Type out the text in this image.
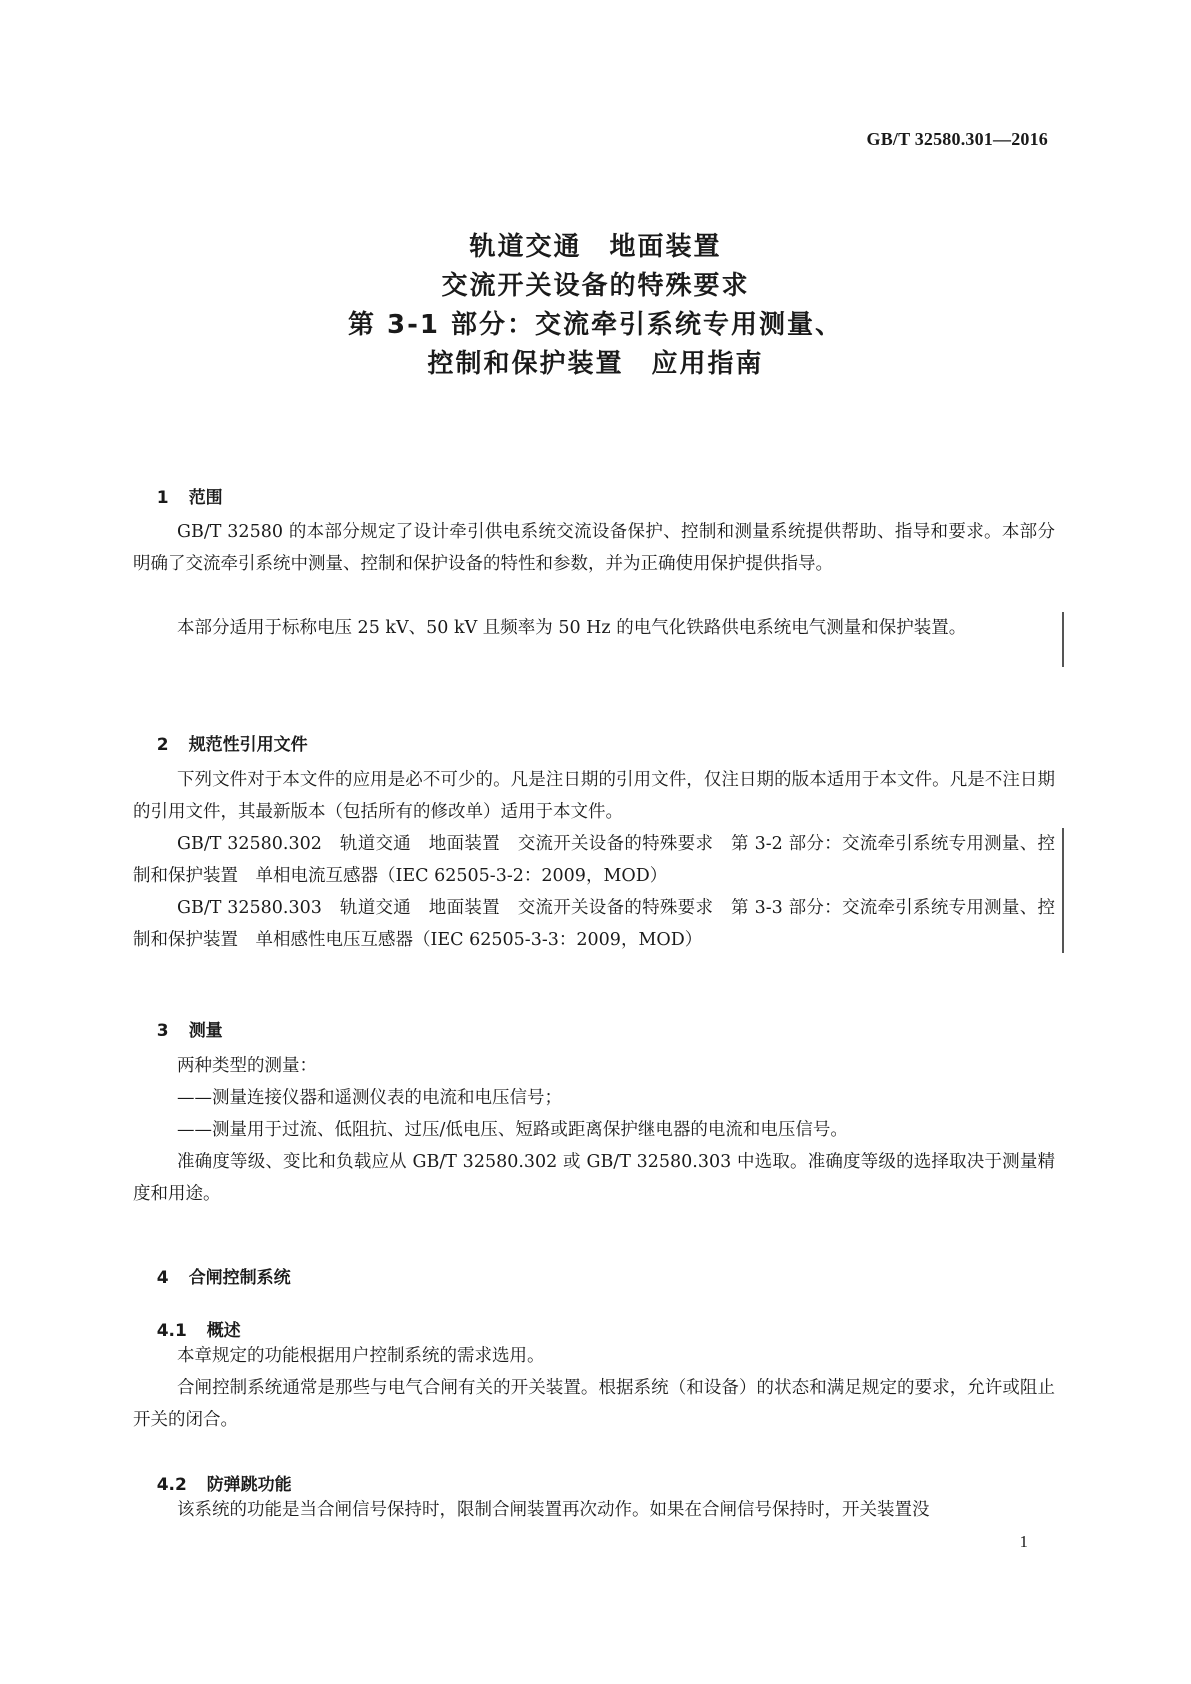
GB/T 32580.301—2016
轨道交通　地面装置
交流开关设备的特殊要求
第 3-1 部分：交流牵引系统专用测量、
控制和保护装置　应用指南

1 范围

GB/T 32580 的本部分规定了设计牵引供电系统交流设备保护、控制和测量系统提供帮助、指导和要求。本部分明确了交流牵引系统中测量、控制和保护设备的特性和参数，并为正确使用保护提供指导。
本部分适用于标称电压 25 kV、50 kV 且频率为 50 Hz 的电气化铁路供电系统电气测量和保护装置。

2 规范性引用文件

下列文件对于本文件的应用是必不可少的。凡是注日期的引用文件，仅注日期的版本适用于本文件。凡是不注日期的引用文件，其最新版本（包括所有的修改单）适用于本文件。
GB/T 32580.302　轨道交通　地面装置　交流开关设备的特殊要求　第 3-2 部分：交流牵引系统专用测量、控制和保护装置　单相电流互感器（IEC 62505-3-2：2009，MOD）
GB/T 32580.303　轨道交通　地面装置　交流开关设备的特殊要求　第 3-3 部分：交流牵引系统专用测量、控制和保护装置　单相感性电压互感器（IEC 62505-3-3：2009，MOD）

3 测量

两种类型的测量：
——测量连接仪器和遥测仪表的电流和电压信号；
——测量用于过流、低阻抗、过压/低电压、短路或距离保护继电器的电流和电压信号。
准确度等级、变比和负载应从 GB/T 32580.302 或 GB/T 32580.303 中选取。准确度等级的选择取决于测量精度和用途。

4 合闸控制系统

4.1 概述

本章规定的功能根据用户控制系统的需求选用。
合闸控制系统通常是那些与电气合闸有关的开关装置。根据系统（和设备）的状态和满足规定的要求，允许或阻止开关的闭合。

4.2 防弹跳功能

该系统的功能是当合闸信号保持时，限制合闸装置再次动作。如果在合闸信号保持时，开关装置没
1
